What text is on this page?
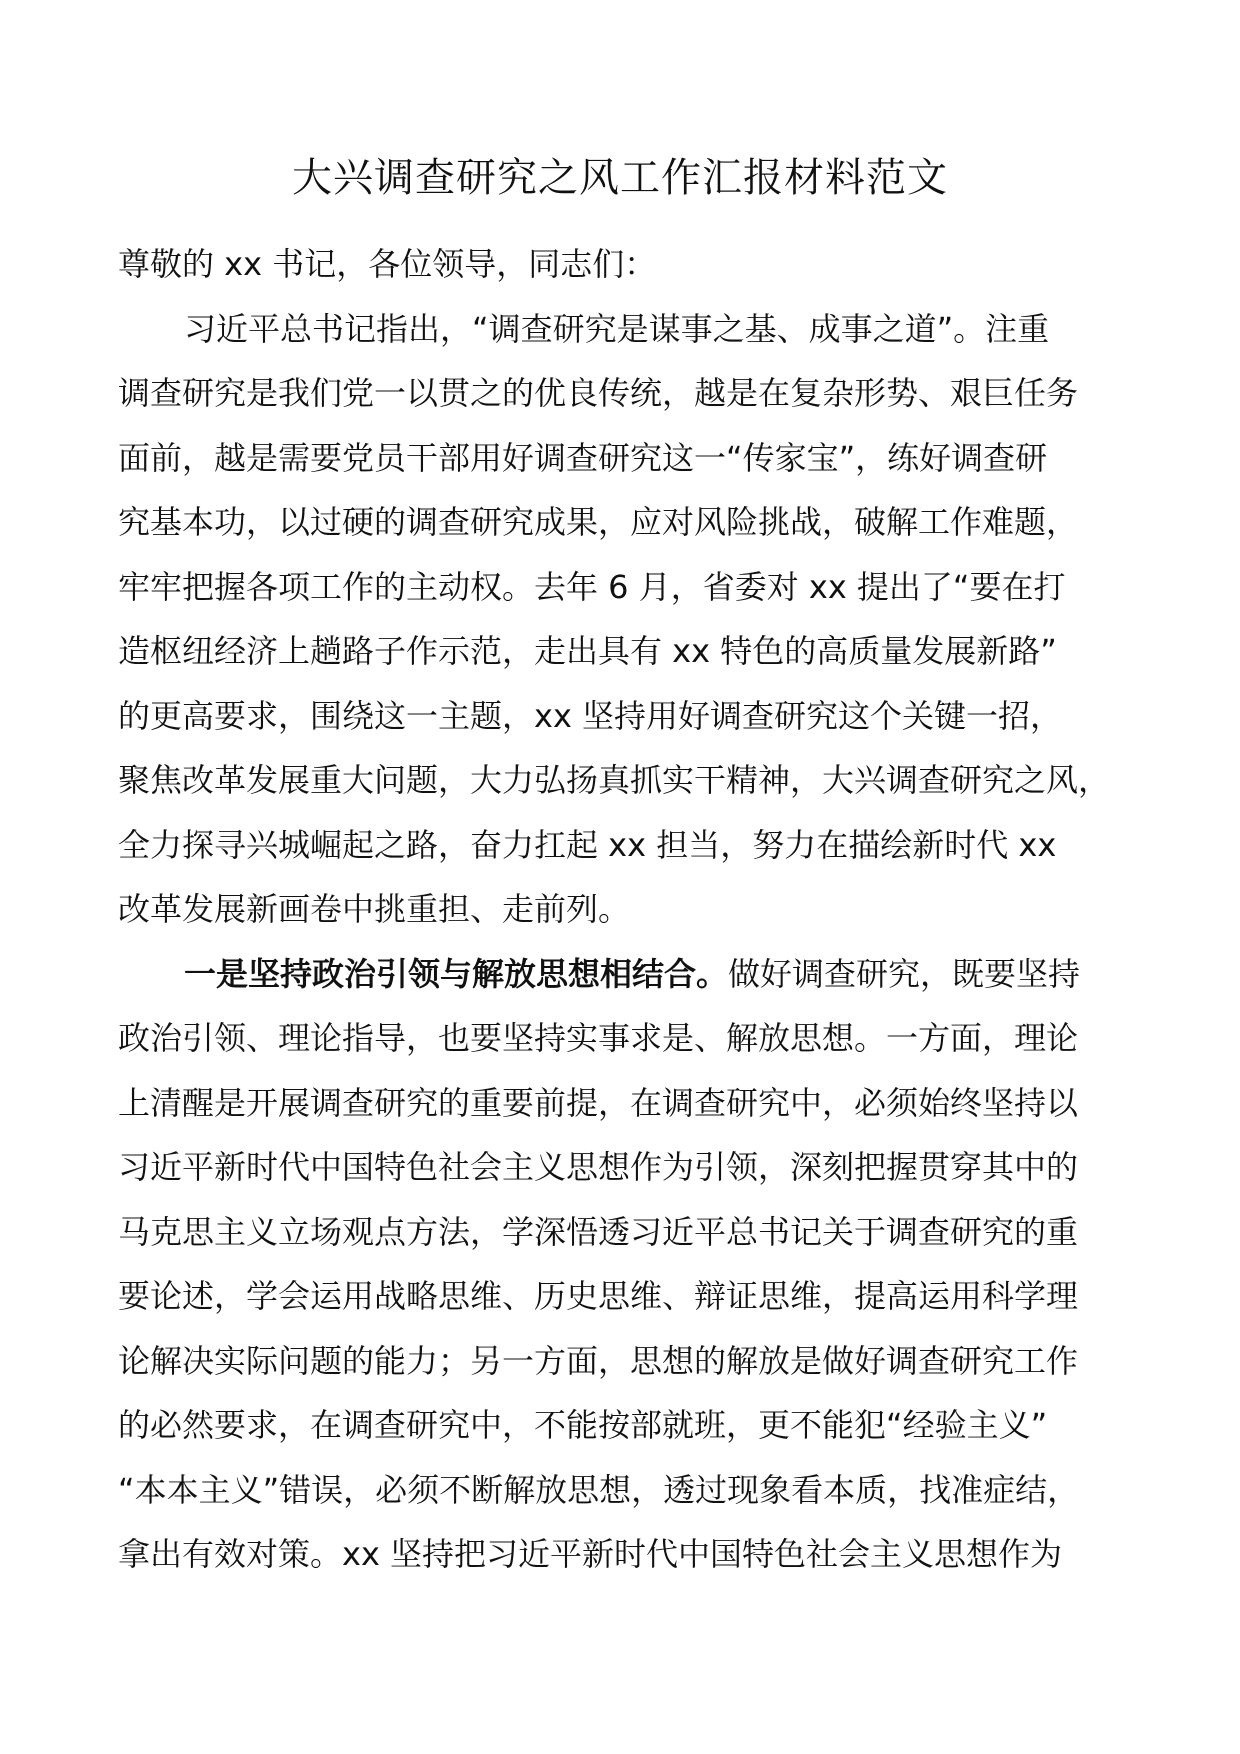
大兴调查研究之风工作汇报材料范文
尊敬的 xx 书记，各位领导，同志们：
习近平总书记指出，“调查研究是谋事之基、成事之道”。注重
调查研究是我们党一以贯之的优良传统，越是在复杂形势、艰巨任务
面前，越是需要党员干部用好调查研究这一“传家宝”，练好调查研
究基本功，以过硬的调查研究成果，应对风险挑战，破解工作难题，
牢牢把握各项工作的主动权。去年 6 月，省委对 xx 提出了“要在打
造枢纽经济上趟路子作示范，走出具有 xx 特色的高质量发展新路”
的更高要求，围绕这一主题，xx 坚持用好调查研究这个关键一招，
聚焦改革发展重大问题，大力弘扬真抓实干精神，大兴调查研究之风，
全力探寻兴城崛起之路，奋力扛起 xx 担当，努力在描绘新时代 xx
改革发展新画卷中挑重担、走前列。
一是坚持政治引领与解放思想相结合。做好调查研究，既要坚持
政治引领、理论指导，也要坚持实事求是、解放思想。一方面，理论
上清醒是开展调查研究的重要前提，在调查研究中，必须始终坚持以
习近平新时代中国特色社会主义思想作为引领，深刻把握贯穿其中的
马克思主义立场观点方法，学深悟透习近平总书记关于调查研究的重
要论述，学会运用战略思维、历史思维、辩证思维，提高运用科学理
论解决实际问题的能力；另一方面，思想的解放是做好调查研究工作
的必然要求，在调查研究中，不能按部就班，更不能犯“经验主义”
“本本主义”错误，必须不断解放思想，透过现象看本质，找准症结，
拿出有效对策。xx 坚持把习近平新时代中国特色社会主义思想作为
